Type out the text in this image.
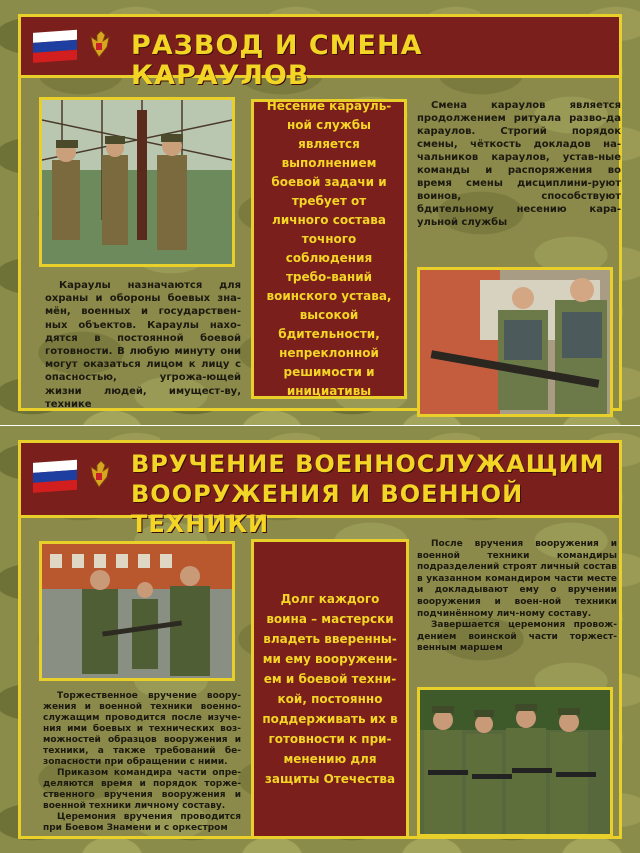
РАЗВОД И СМЕНА КАРАУЛОВ
Несение карауль-ной службы является выполнением боевой задачи и требует от личного состава точного соблюдения требо-ваний воинского устава, высокой бдительности, непреклонной решимости и инициативы
Смена караулов является продолжением ритуала разво-да караулов. Строгий порядок смены, чёткость докладов на-чальников караулов, устав-ные команды и распоряжения во время смены дисциплини-руют воинов, способствуют бдительному несению кара-ульной службы
Караулы назначаются для охраны и обороны боевых зна-мён, военных и государствен-ных объектов. Караулы нахо-дятся в постоянной боевой готовности. В любую минуту они могут оказаться лицом к лицу с опасностью, угрожа-ющей жизни людей, имущест-ву, технике
ВРУЧЕНИЕ ВОЕННОСЛУЖАЩИМ
ВООРУЖЕНИЯ И ВОЕННОЙ ТЕХНИКИ
Долг каждого воина – мастерски владеть вверенны-ми ему вооружени-ем и боевой техни-кой, постоянно поддерживать их в готовности к при-менению для защиты Отечества
После вручения вооружения и военной техники командиры подразделений строят личный состав в указанном командиром части месте и докладывают ему о вручении вооружения и воен-ной техники подчинённому лич-ному составу.
Завершается церемония провож-дением воинской части торжест-венным маршем
Торжественное вручение воору-жения и военной техники военно-служащим проводится после изуче-ния ими боевых и технических воз-можностей образцов вооружения и техники, а также требований бе-зопасности при обращении с ними.
Приказом командира части опре-деляются время и порядок торже-ственного вручения вооружения и военной техники личному составу.
Церемония вручения проводится при Боевом Знамени и с оркестром
